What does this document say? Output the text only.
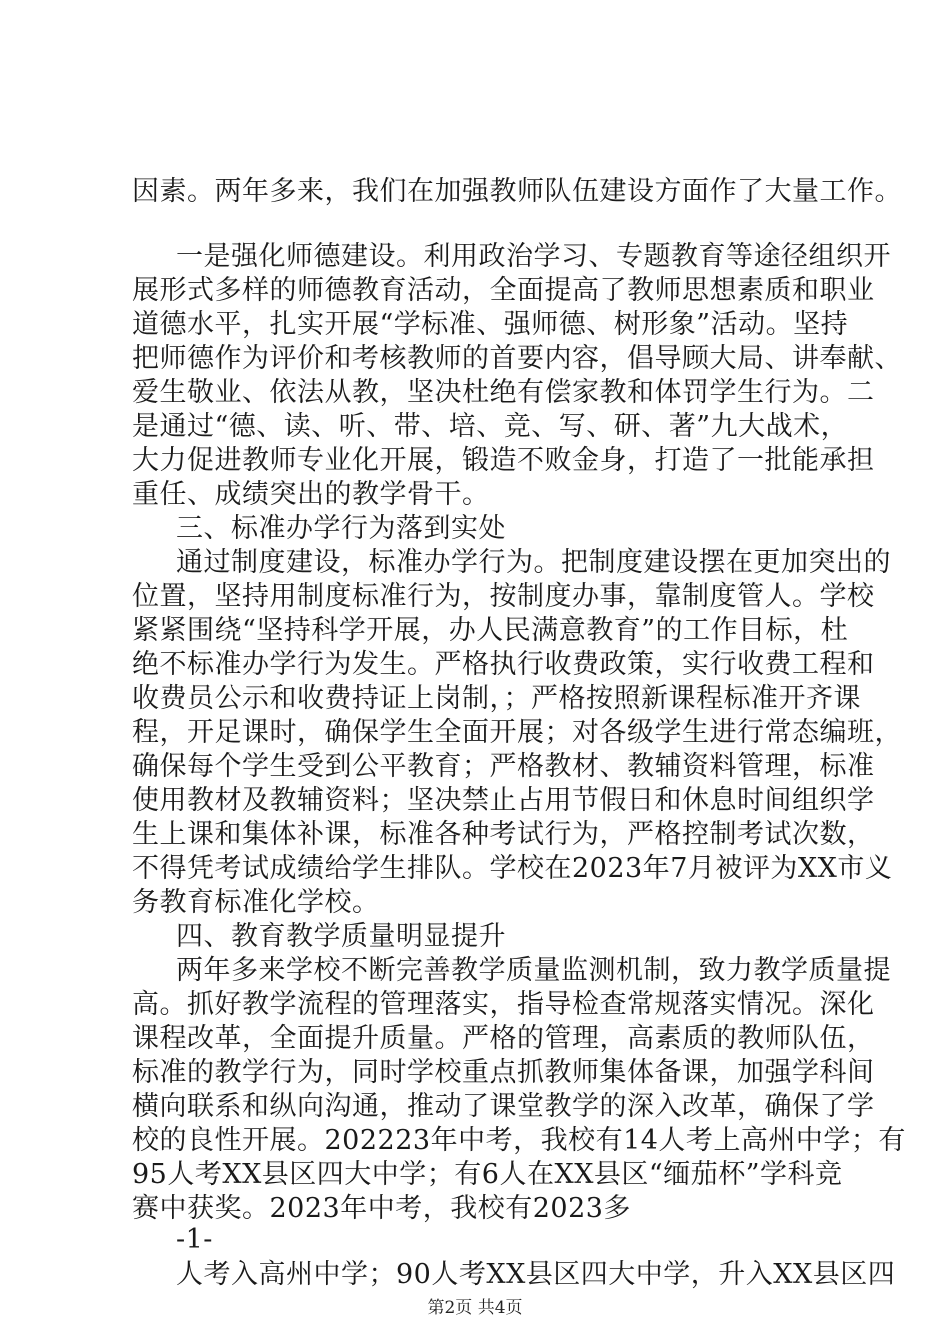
因素。两年多来，我们在加强教师队伍建设方面作了大量工作。
一是强化师德建设。利用政治学习、专题教育等途径组织开
展形式多样的师德教育活动，全面提高了教师思想素质和职业
道德水平，扎实开展“学标准、强师德、树形象”活动。坚持
把师德作为评价和考核教师的首要内容，倡导顾大局、讲奉献、
爱生敬业、依法从教，坚决杜绝有偿家教和体罚学生行为。二
是通过“德、读、听、带、培、竞、写、研、著”九大战术，
大力促进教师专业化开展，锻造不败金身，打造了一批能承担
重任、成绩突出的教学骨干。
三、标准办学行为落到实处
通过制度建设，标准办学行为。把制度建设摆在更加突出的
位置，坚持用制度标准行为，按制度办事，靠制度管人。学校
紧紧围绕“坚持科学开展，办人民满意教育”的工作目标，杜
绝不标准办学行为发生。严格执行收费政策，实行收费工程和
收费员公示和收费持证上岗制，；严格按照新课程标准开齐课
程，开足课时，确保学生全面开展；对各级学生进行常态编班，
确保每个学生受到公平教育；严格教材、教辅资料管理，标准
使用教材及教辅资料；坚决禁止占用节假日和休息时间组织学
生上课和集体补课，标准各种考试行为，严格控制考试次数，
不得凭考试成绩给学生排队。学校在2023年7月被评为XX市义
务教育标准化学校。
四、教育教学质量明显提升
两年多来学校不断完善教学质量监测机制，致力教学质量提
高。抓好教学流程的管理落实，指导检查常规落实情况。深化
课程改革，全面提升质量。严格的管理，高素质的教师队伍，
标准的教学行为，同时学校重点抓教师集体备课，加强学科间
横向联系和纵向沟通，推动了课堂教学的深入改革，确保了学
校的良性开展。202223年中考，我校有14人考上高州中学；有
95人考XX县区四大中学；有6人在XX县区“缅茄杯”学科竞
赛中获奖。2023年中考，我校有2023多
-1-
人考入高州中学；90人考XX县区四大中学，升入XX县区四
第2页 共4页
